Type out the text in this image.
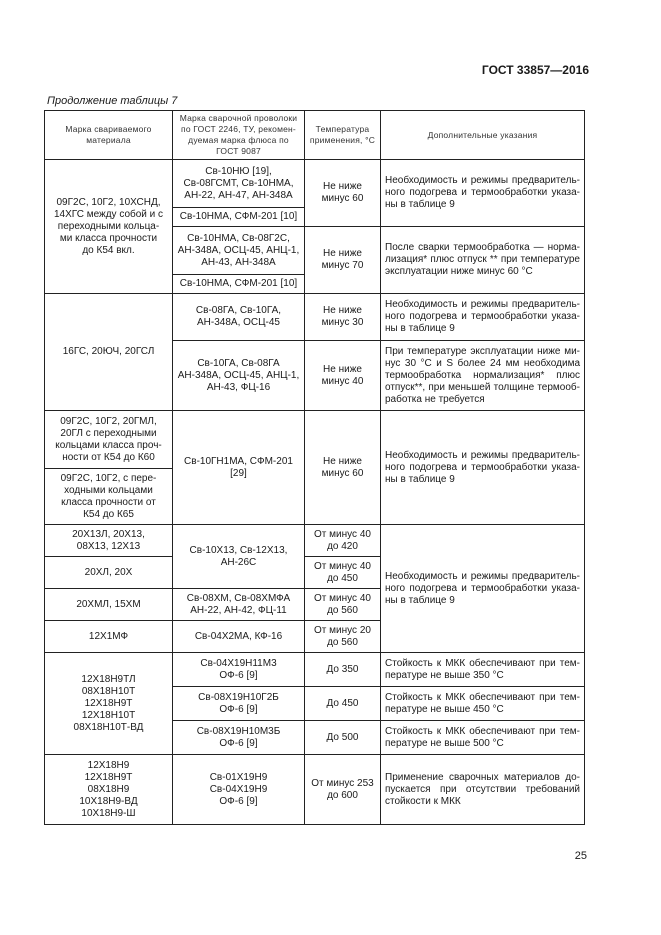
ГОСТ 33857—2016
Продолжение таблицы 7
Марка свариваемого материала	Марка сварочной проволоки по ГОСТ 2246, ТУ, рекомен-дуемая марка флюса по ГОСТ 9087	Температура применения, °С	Дополнительные указания
09Г2С, 10Г2, 10ХСНД,
14ХГС между собой и с
переходными кольца-
ми класса прочности
до К54 вкл.	Св-10НЮ [19],
Св-08ГСМТ, Св-10НМА,
АН-22, АН-47, АН-348А	Не ниже
минус 60	Необходимость и режимы предваритель-ного подогрева и термообработки указа-ны в таблице 9
	Св-10НМА, СФМ-201 [10]		
	Св-10НМА, Св-08Г2С,
АН-348А, ОСЦ-45, АНЦ-1,
АН-43, АН-348А	Не ниже
минус 70	После сварки термообработка — норма-лизация* плюс отпуск ** при температуре эксплуатации ниже минус 60 °С
	Св-10НМА, СФМ-201 [10]		
16ГС, 20ЮЧ, 20ГСЛ	Св-08ГА, Св-10ГА,
АН-348А, ОСЦ-45	Не ниже
минус 30	Необходимость и режимы предваритель-ного подогрева и термообработки указа-ны в таблице 9
	Св-10ГА, Св-08ГА
АН-348А, ОСЦ-45, АНЦ-1,
АН-43, ФЦ-16	Не ниже
минус 40	При температуре эксплуатации ниже ми-нус 30 °С и S более 24 мм необходима термообработка нормализация* плюс отпуск**, при меньшей толщине термооб-работка не требуется
09Г2С, 10Г2, 20ГМЛ,
20ГЛ с переходными
кольцами класса проч-
ности от К54 до К60	Св-10ГН1МА, СФМ-201
[29]	Не ниже
минус 60	Необходимость и режимы предваритель-ного подогрева и термообработки указа-ны в таблице 9
09Г2С, 10Г2, с пере-
ходными кольцами
класса прочности от
К54 до К65			
20Х13Л, 20Х13,
08Х13, 12Х13	Св-10Х13, Св-12Х13,
АН-26С	От минус 40
до 420	Необходимость и режимы предваритель-ного подогрева и термообработки указа-ны в таблице 9
20ХЛ, 20Х		От минус 40
до 450	
20ХМЛ, 15ХМ	Св-08ХМ, Св-08ХМФА
АН-22, АН-42, ФЦ-11	От минус 40
до 560	
12Х1МФ	Св-04Х2МА, КФ-16	От минус 20
до 560	
12Х18Н9ТЛ
08Х18Н10Т
12Х18Н9Т
12Х18Н10Т
08Х18Н10Т-ВД	Св-04Х19Н11М3
ОФ-6 [9]	До 350	Стойкость к МКК обеспечивают при тем-пературе не выше 350 °С
	Св-08Х19Н10Г2Б
ОФ-6 [9]	До 450	Стойкость к МКК обеспечивают при тем-пературе не выше 450 °С
	Св-08Х19Н10М3Б
ОФ-6 [9]	До 500	Стойкость к МКК обеспечивают при тем-пературе не выше 500 °С
12Х18Н9
12Х18Н9Т
08Х18Н9
10Х18Н9-ВД
10Х18Н9-Ш	Св-01Х19Н9
Св-04Х19Н9
ОФ-6 [9]	От минус 253
до 600	Применение сварочных материалов до-пускается при отсутствии требований стойкости к МКК
25
